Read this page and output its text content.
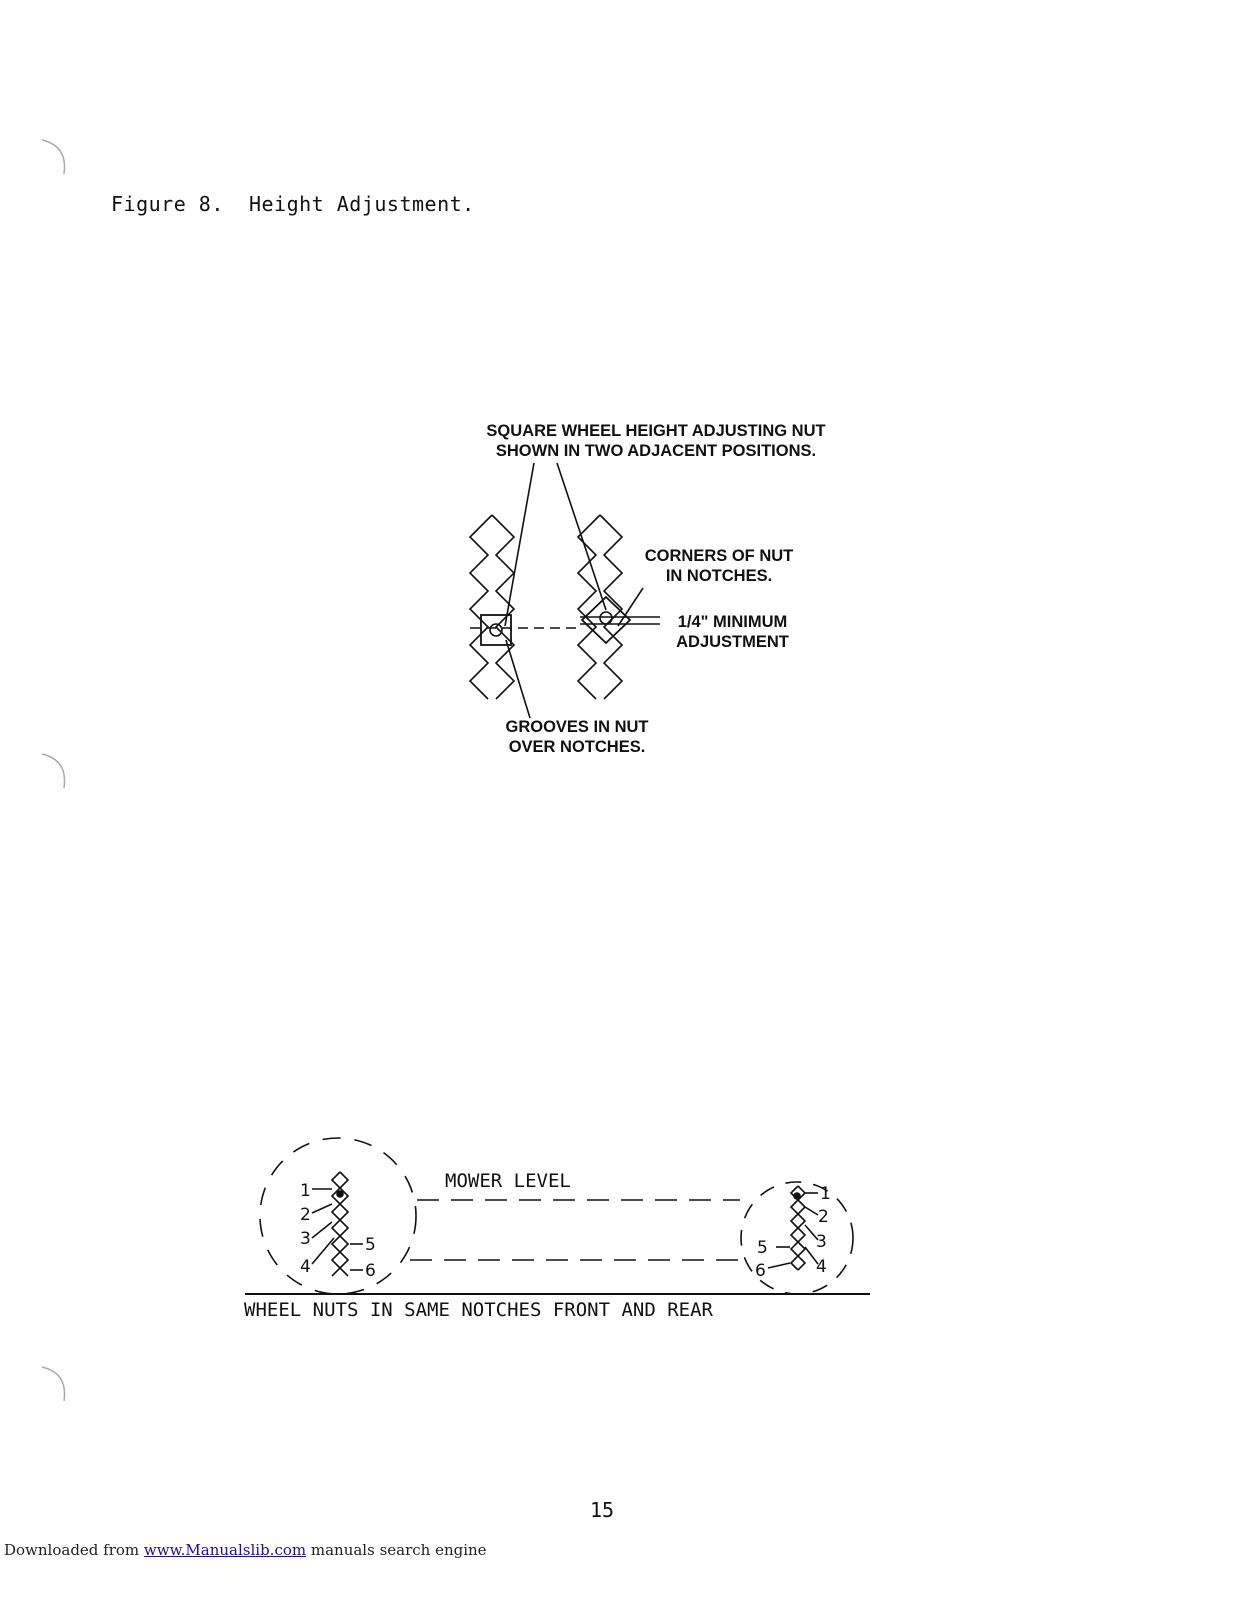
Figure 8.  Height Adjustment.
SQUARE WHEEL HEIGHT ADJUSTING NUT
SHOWN IN TWO ADJACENT POSITIONS.
CORNERS OF NUT
IN NOTCHES.
1/4" MINIMUM
ADJUSTMENT
GROOVES IN NUT
OVER NOTCHES.
MOWER LEVEL
WHEEL NUTS IN SAME NOTCHES FRONT AND REAR
1
2
3
4
5
6
1
2
3
4
5
6
15
Downloaded from www.Manualslib.com manuals search engine
